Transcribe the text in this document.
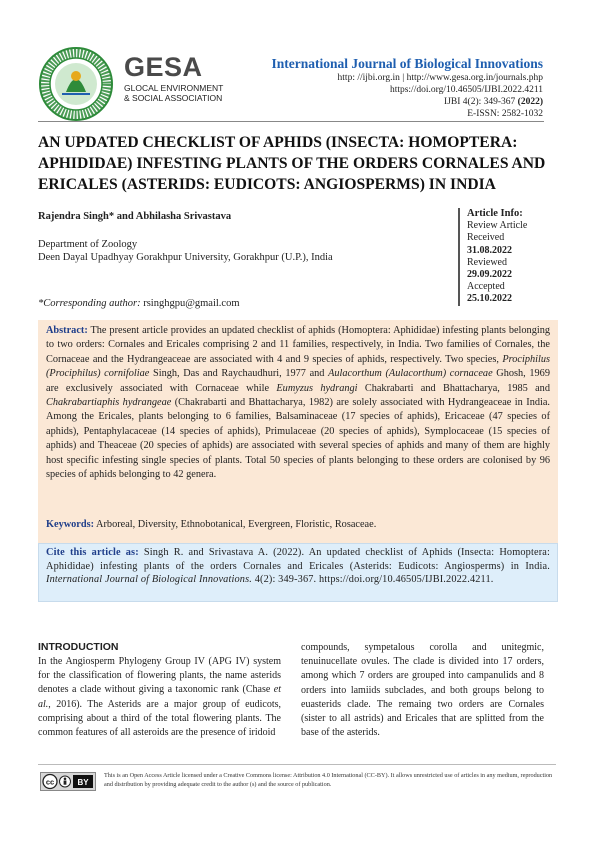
GESA
GLOCAL ENVIRONMENT
& SOCIAL ASSOCIATION
International Journal of Biological Innovations
http: //ijbi.org.in | http://www.gesa.org.in/journals.php
https://doi.org/10.46505/IJBI.2022.4211
IJBI 4(2): 349-367 (2022)
E-ISSN: 2582-1032
AN UPDATED CHECKLIST OF APHIDS (INSECTA: HOMOPTERA: APHIDIDAE) INFESTING PLANTS OF THE ORDERS CORNALES AND ERICALES (ASTERIDS: EUDICOTS: ANGIOSPERMS) IN INDIA
Rajendra Singh* and Abhilasha Srivastava
Department of Zoology
Deen Dayal Upadhyay Gorakhpur University, Gorakhpur (U.P.), India
*Corresponding author: rsinghgpu@gmail.com
Article Info:
Review Article
Received
31.08.2022
Reviewed
29.09.2022
Accepted
25.10.2022
Abstract: The present article provides an updated checklist of aphids (Homoptera: Aphididae) infesting plants belonging to two orders: Cornales and Ericales comprising 2 and 11 families, respectively, in India. Two families of Cornales, the Cornaceae and the Hydrangeaceae are associated with 4 and 9 species of aphids, respectively. Two species, Prociphilus (Prociphilus) cornifoliae Singh, Das and Raychaudhuri, 1977 and Aulacorthum (Aulacorthum) cornaceae Ghosh, 1969 are exclusively associated with Cornaceae while Eumyzus hydrangi Chakrabarti and Bhattacharya, 1985 and Chakrabartiaphis hydrangeae (Chakrabarti and Bhattacharya, 1982) are solely associated with Hydrangeaceae in India. Among the Ericales, plants belonging to 6 families, Balsaminaceae (17 species of aphids), Ericaceae (47 species of aphids), Pentaphylacaceae (14 species of aphids), Primulaceae (20 species of aphids), Symplocaceae (15 species of aphids) and Theaceae (20 species of aphids) are associated with several species of aphids and many of them are highly host specific infesting single species of plants. Total 50 species of plants belonging to these orders are colonised by 96 species of aphids belonging to 42 genera.
Keywords: Arboreal, Diversity, Ethnobotanical, Evergreen, Floristic, Rosaceae.
Cite this article as: Singh R. and Srivastava A. (2022). An updated checklist of Aphids (Insecta: Homoptera: Aphididae) infesting plants of the orders Cornales and Ericales (Asterids: Eudicots: Angiosperms) in India. International Journal of Biological Innovations. 4(2): 349-367. https://doi.org/10.46505/IJBI.2022.4211.
INTRODUCTION
In the Angiosperm Phylogeny Group IV (APG IV) system for the classification of flowering plants, the name asterids denotes a clade without giving a taxonomic rank (Chase et al., 2016). The Asterids are a major group of eudicots, comprising about a third of the total flowering plants. The common features of all asteroids are the presence of iridoid
compounds, sympetalous corolla and unitegmic, tenuinucellate ovules. The clade is divided into 17 orders, among which 7 orders are grouped into campanulids and 8 orders into lamiids subclades, and both groups belong to euasterids clade. The remaing two orders are Cornales (sister to all astrids) and Ericales that are splitted from the base of the asterids.
cc	BY
This is an Open Access Article licensed under a Creative Commons license: Attribution 4.0 International (CC-BY). It allows unrestricted use of articles in any medium, reproduction and distribution by providing adequate credit to the author (s) and the source of publication.
